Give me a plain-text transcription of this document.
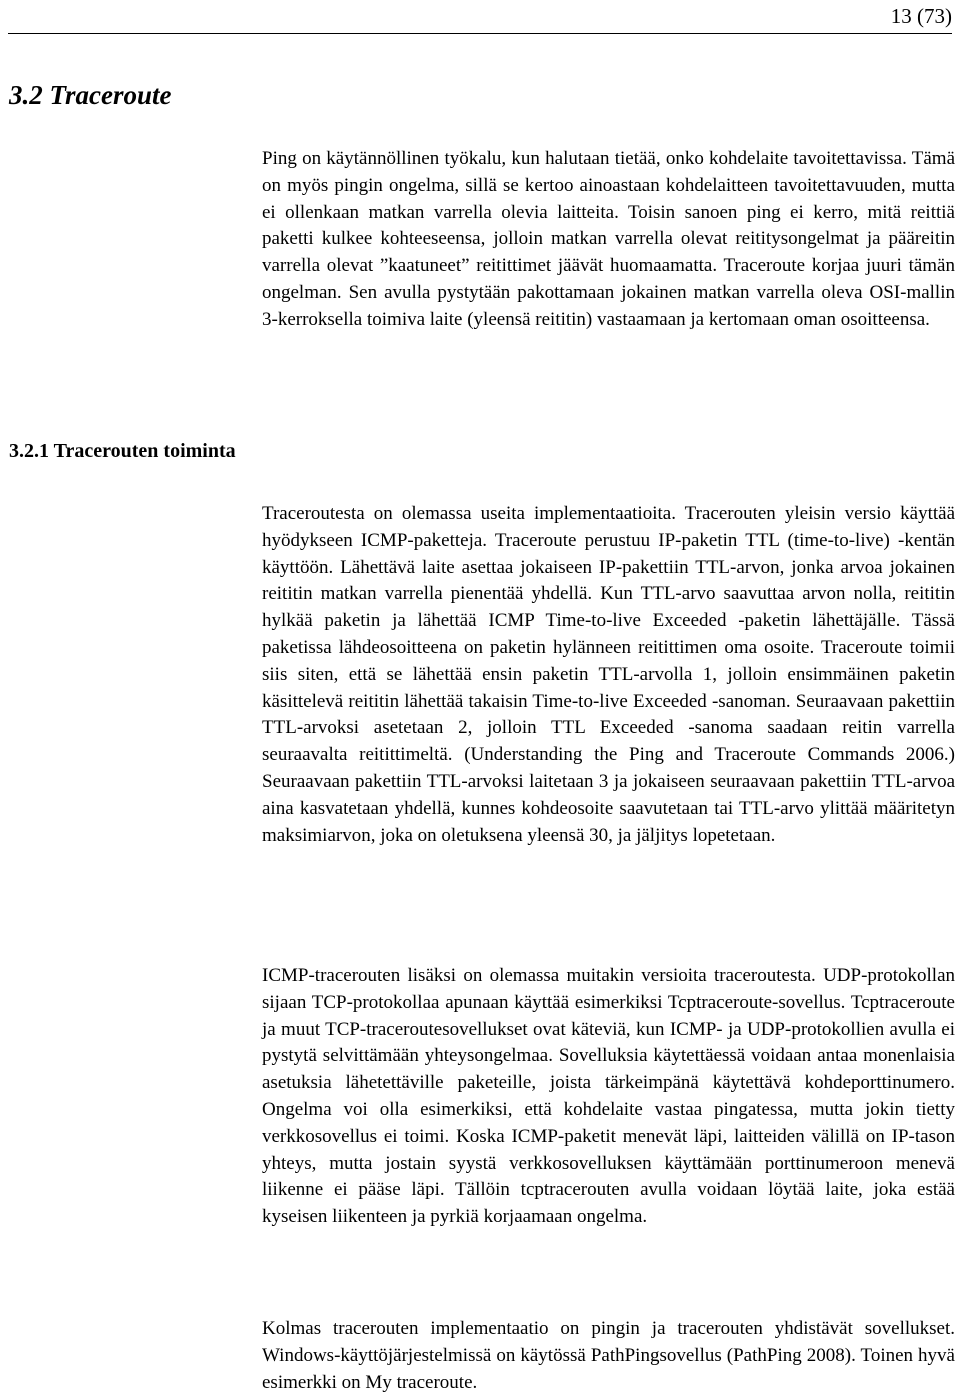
13 (73)
3.2 Traceroute

Ping on käytännöllinen työkalu, kun halutaan tietää, onko kohdelaite tavoitettavissa. Tämä on myös pingin ongelma, sillä se kertoo ainoastaan kohdelaitteen tavoitettavuuden, mutta ei ollenkaan matkan varrella olevia laitteita. Toisin sanoen ping ei kerro, mitä reittiä paketti kulkee kohteeseensa, jolloin matkan varrella olevat reititysongelmat ja pääreitin varrella olevat ”kaatuneet” reitittimet jäävät huomaamatta. Traceroute korjaa juuri tämän ongelman. Sen avulla pystytään pakottamaan jokainen matkan varrella oleva OSI-mallin 3-kerroksella toimiva laite (yleensä reititin) vastaamaan ja kertomaan oman osoitteensa.

3.2.1 Tracerouten toiminta

Traceroutesta on olemassa useita implementaatioita. Tracerouten yleisin versio käyttää hyödykseen ICMP-paketteja. Traceroute perustuu IP-paketin TTL (time-to-live) -kentän käyttöön. Lähettävä laite asettaa jokaiseen IP-pakettiin TTL-arvon, jonka arvoa jokainen reititin matkan varrella pienentää yhdellä. Kun TTL-arvo saavuttaa arvon nolla, reititin hylkää paketin ja lähettää ICMP Time-to-live Exceeded -paketin lähettäjälle. Tässä paketissa lähdeosoitteena on paketin hylänneen reitittimen oma osoite. Traceroute toimii siis siten, että se lähettää ensin paketin TTL-arvolla 1, jolloin ensimmäinen paketin käsittelevä reititin lähettää takaisin Time-to-live Exceeded -sanoman. Seuraavaan pakettiin TTL-arvoksi asetetaan 2, jolloin TTL Exceeded -sanoma saadaan reitin varrella seuraavalta reitittimeltä. (Understanding the Ping and Traceroute Commands 2006.) Seuraavaan pakettiin TTL-arvoksi laitetaan 3 ja jokaiseen seuraavaan pakettiin TTL-arvoa aina kasvatetaan yhdellä, kunnes kohdeosoite saavutetaan tai TTL-arvo ylittää määritetyn maksimiarvon, joka on oletuksena yleensä 30, ja jäljitys lopetetaan.

ICMP-tracerouten lisäksi on olemassa muitakin versioita traceroutesta. UDP-protokollan sijaan TCP-protokollaa apunaan käyttää esimerkiksi Tcptraceroute-sovellus. Tcptraceroute ja muut TCP-traceroutesovellukset ovat käteviä, kun ICMP- ja UDP-protokollien avulla ei pystytä selvittämään yhteysongelmaa. Sovelluksia käytettäessä voidaan antaa monenlaisia asetuksia lähetettäville paketeille, joista tärkeimpänä käytettävä kohdeporttinumero. Ongelma voi olla esimerkiksi, että kohdelaite vastaa pingatessa, mutta jokin tietty verkkosovellus ei toimi. Koska ICMP-paketit menevät läpi, laitteiden välillä on IP-tason yhteys, mutta jostain syystä verkkosovelluksen käyttämään porttinumeroon menevä liikenne ei pääse läpi. Tällöin tcptracerouten avulla voidaan löytää laite, joka estää kyseisen liikenteen ja pyrkiä korjaamaan ongelma.

Kolmas tracerouten implementaatio on pingin ja tracerouten yhdistävät sovellukset. Windows-käyttöjärjestelmissä on käytössä PathPingsovellus (PathPing 2008). Toinen hyvä esimerkki on My traceroute.
